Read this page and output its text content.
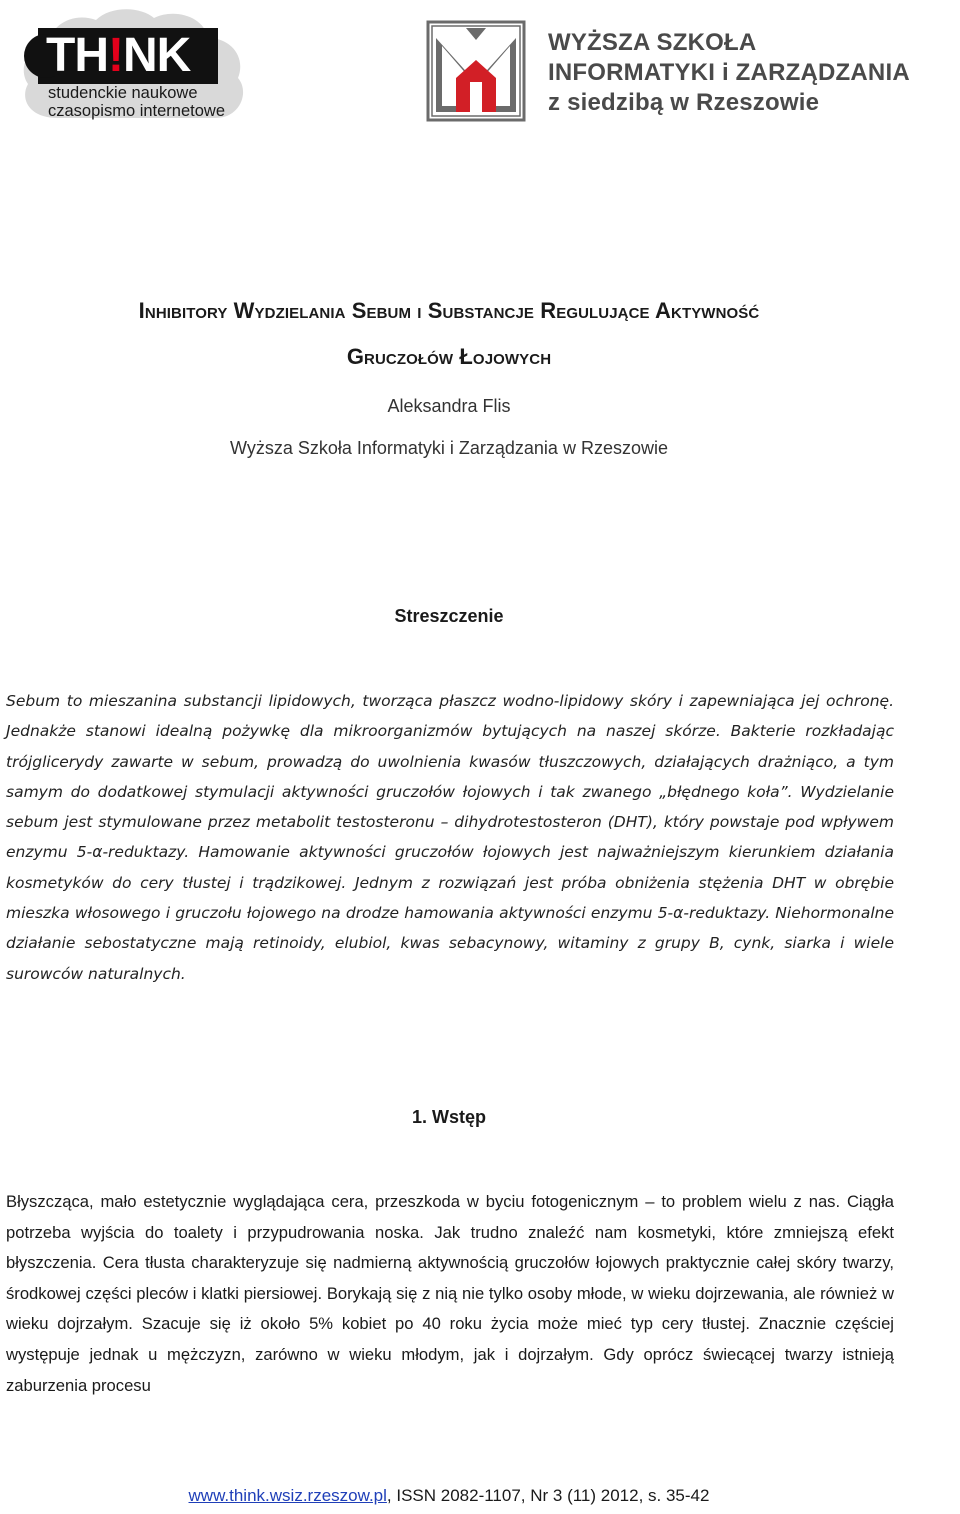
TH!NK
studenckie naukowe
czasopismo internetowe
WYŻSZA SZKOŁA
INFORMATYKI i ZARZĄDZANIA
z siedzibą w Rzeszowie
Inhibitory Wydzielania Sebum i Substancje Regulujące Aktywność
Gruczołów Łojowych
Aleksandra Flis
Wyższa Szkoła Informatyki i Zarządzania w Rzeszowie
Streszczenie

Sebum to mieszanina substancji lipidowych, tworząca płaszcz wodno-lipidowy skóry i zapewniająca jej ochronę. Jednakże stanowi idealną pożywkę dla mikroorganizmów bytujących na naszej skórze. Bakterie rozkładając trójglicerydy zawarte w sebum, prowadzą do uwolnienia kwasów tłuszczowych, działających drażniąco, a tym samym do dodatkowej stymulacji aktywności gruczołów łojowych i tak zwanego „błędnego koła”. Wydzielanie sebum jest stymulowane przez metabolit testosteronu – dihydrotestosteron (DHT), który powstaje pod wpływem enzymu 5-α-reduktazy. Hamowanie aktywności gruczołów łojowych jest najważniejszym kierunkiem działania kosmetyków do cery tłustej i trądzikowej. Jednym z rozwiązań jest próba obniżenia stężenia DHT w obrębie mieszka włosowego i gruczołu łojowego na drodze hamowania aktywności enzymu 5-α-reduktazy. Niehormonalne działanie sebostatyczne mają retinoidy, elubiol, kwas sebacynowy, witaminy z grupy B, cynk, siarka i wiele surowców naturalnych.

1. Wstęp

Błyszcząca, mało estetycznie wyglądająca cera, przeszkoda w byciu fotogenicznym – to problem wielu z nas. Ciągła potrzeba wyjścia do toalety i przypudrowania noska. Jak trudno znaleźć nam kosmetyki, które zmniejszą efekt błyszczenia. Cera tłusta charakteryzuje się nadmierną aktywnością gruczołów łojowych praktycznie całej skóry twarzy, środkowej części pleców i klatki piersiowej. Borykają się z nią nie tylko osoby młode, w wieku dojrzewania, ale również w wieku dojrzałym. Szacuje się iż około 5% kobiet po 40 roku życia może mieć typ cery tłustej. Znacznie częściej występuje jednak u mężczyzn, zarówno w wieku młodym, jak i dojrzałym. Gdy oprócz świecącej twarzy istnieją zaburzenia procesu

www.think.wsiz.rzeszow.pl, ISSN 2082-1107, Nr 3 (11) 2012, s. 35-42
